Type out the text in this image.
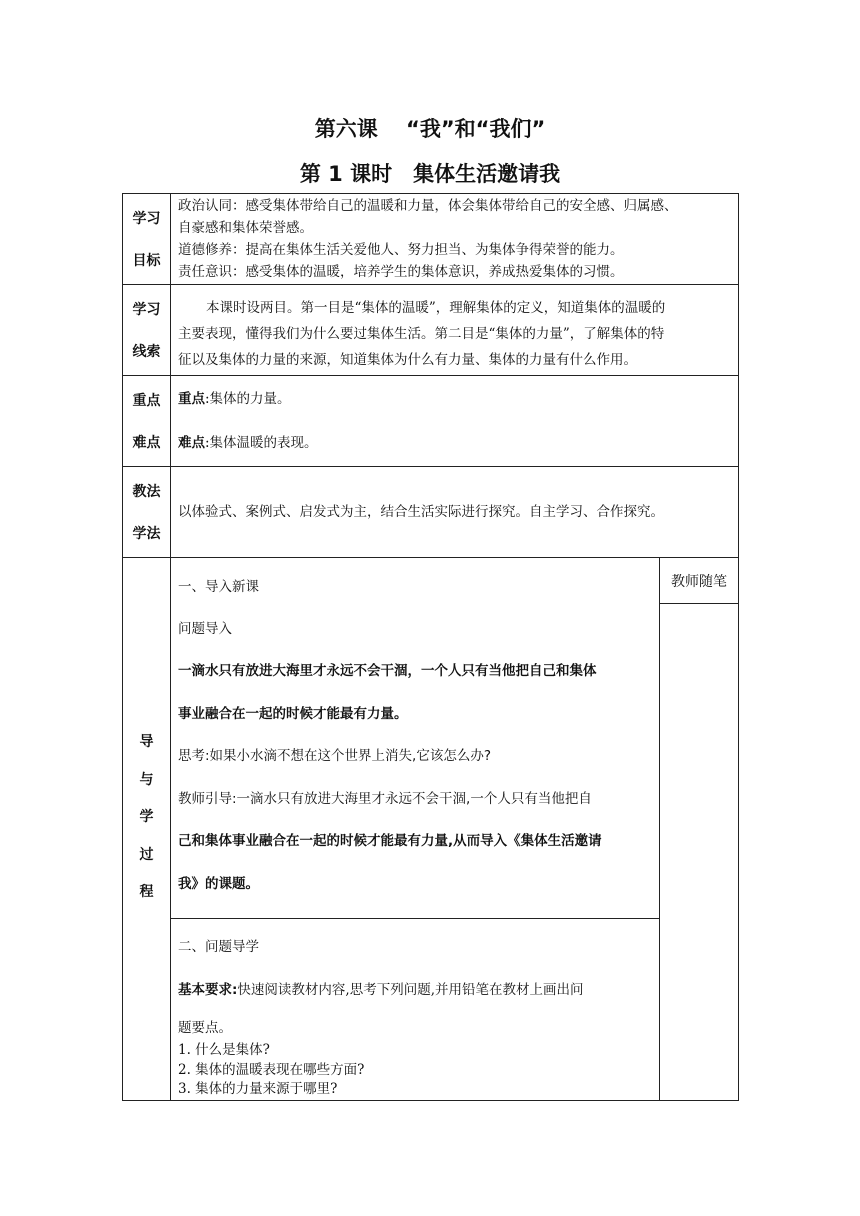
第六课　 “我”和“我们”
第 1 课时　集体生活邀请我
学习
目标

政治认同：感受集体带给自己的温暖和力量，体会集体带给自己的安全感、归属感、

自豪感和集体荣誉感。

道德修养：提高在集体生活关爱他人、努力担当、为集体争得荣誉的能力。

责任意识：感受集体的温暖，培养学生的集体意识，养成热爱集体的习惯。

学习
线索

本课时设两目。第一目是“集体的温暖”，理解集体的定义，知道集体的温暖的

主要表现，懂得我们为什么要过集体生活。第二目是“集体的力量”，了解集体的特

征以及集体的力量的来源，知道集体为什么有力量、集体的力量有什么作用。

重点
难点

重点:集体的力量。

难点:集体温暖的表现。

教法
学法

以体验式、案例式、启发式为主，结合生活实际进行探究。自主学习、合作探究。

导
与
学
过
程

一、导入新课

问题导入

一滴水只有放进大海里才永远不会干涸，一个人只有当他把自己和集体

事业融合在一起的时候才能最有力量。

思考:如果小水滴不想在这个世界上消失,它该怎么办?

教师引导:一滴水只有放进大海里才永远不会干涸,一个人只有当他把自

己和集体事业融合在一起的时候才能最有力量,从而导入《集体生活邀请

我》的课题。

二、问题导学

基本要求:快速阅读教材内容,思考下列问题,并用铅笔在教材上画出问

题要点。

1. 什么是集体?

2. 集体的温暖表现在哪些方面?

3. 集体的力量来源于哪里?

教师随笔
